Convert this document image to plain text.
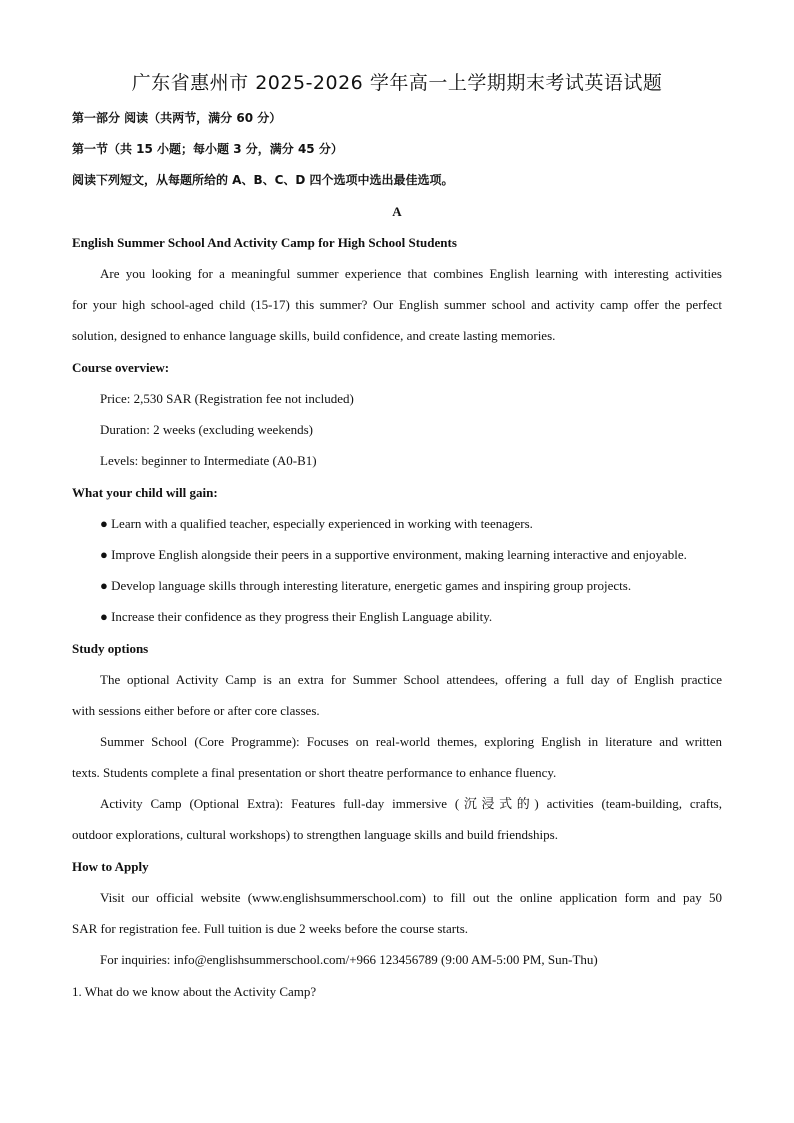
广东省惠州市 2025-2026 学年高一上学期期末考试英语试题
第一部分 阅读（共两节，满分 60 分）
第一节（共 15 小题；每小题 3 分，满分 45 分）
阅读下列短文，从每题所给的 A、B、C、D 四个选项中选出最佳选项。
A
English Summer School And Activity Camp for High School Students
Are you looking for a meaningful summer experience that combines English learning with interesting activities
for your high school-aged child (15-17) this summer? Our English summer school and activity camp offer the perfect
solution, designed to enhance language skills, build confidence, and create lasting memories.
Course overview:
Price: 2,530 SAR (Registration fee not included)
Duration: 2 weeks (excluding weekends)
Levels: beginner to Intermediate (A0-B1)
What your child will gain:
● Learn with a qualified teacher, especially experienced in working with teenagers.
● Improve English alongside their peers in a supportive environment, making learning interactive and enjoyable.
● Develop language skills through interesting literature, energetic games and inspiring group projects.
● Increase their confidence as they progress their English Language ability.
Study options
The optional Activity Camp is an extra for Summer School attendees, offering a full day of English practice
with sessions either before or after core classes.
Summer School (Core Programme): Focuses on real-world themes, exploring English in literature and written
texts. Students complete a final presentation or short theatre performance to enhance fluency.
Activity Camp (Optional Extra): Features full-day immersive (沉浸式的) activities (team-building, crafts,
outdoor explorations, cultural workshops) to strengthen language skills and build friendships.
How to Apply
Visit our official website (www.englishsummerschool.com) to fill out the online application form and pay 50
SAR for registration fee. Full tuition is due 2 weeks before the course starts.
For inquiries: info@englishsummerschool.com/+966 123456789 (9:00 AM-5:00 PM, Sun-Thu)
1. What do we know about the Activity Camp?
